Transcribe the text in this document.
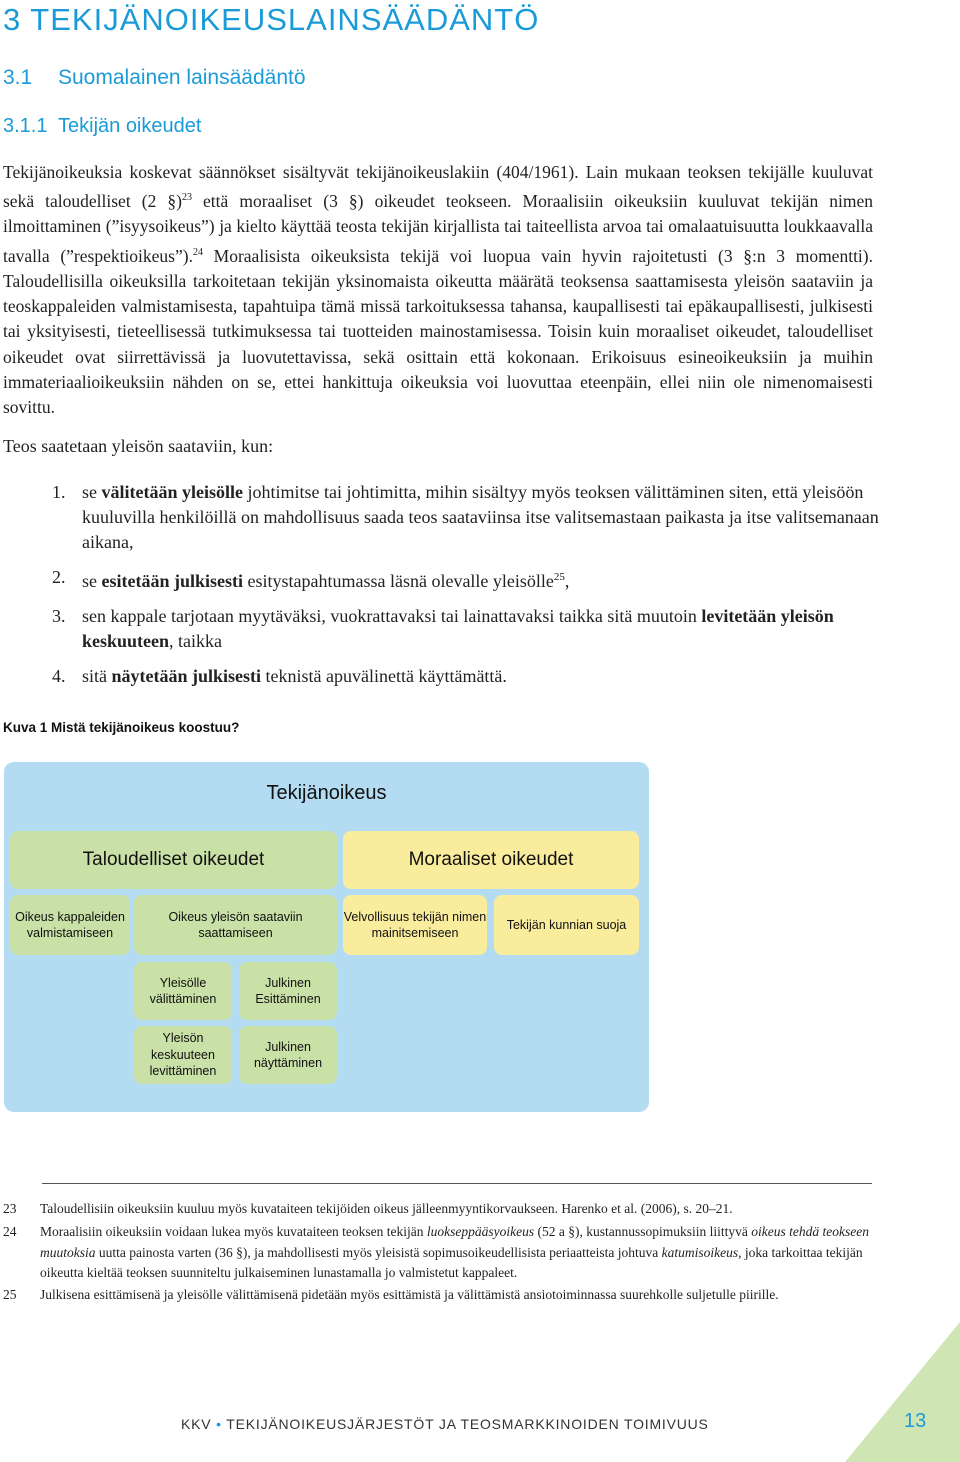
3 TEKIJÄNOIKEUSLAINSÄÄDÄNTÖ
3.1 Suomalainen lainsäädäntö
3.1.1 Tekijän oikeudet

Tekijänoikeuksia koskevat säännökset sisältyvät tekijänoikeuslakiin (404/1961). Lain mukaan teoksen tekijälle kuuluvat sekä taloudelliset (2 §)$^{23}$ että moraaliset (3 §) oikeudet teokseen. Moraalisiin oikeuksiin kuuluvat tekijän nimen ilmoittaminen (”isyysoikeus”) ja kielto käyttää teosta tekijän kirjallista tai taiteellista arvoa tai omalaatuisuutta loukkaavalla tavalla (”respektioikeus”).$^{24}$ Moraalisista oikeuksista tekijä voi luopua vain hyvin rajoitetusti (3 §:n 3 momentti). Taloudellisilla oikeuksilla tarkoitetaan tekijän yksinomaista oikeutta määrätä teoksensa saattamisesta yleisön saataviin ja teoskappaleiden valmistamisesta, tapahtuipa tämä missä tarkoituksessa tahansa, kaupallisesti tai epäkaupallisesti, julkisesti tai yksityisesti, tieteellisessä tutkimuksessa tai tuotteiden mainostamisessa. Toisin kuin moraaliset oikeudet, taloudelliset oikeudet ovat siirrettävissä ja luovutettavissa, sekä osittain että kokonaan. Erikoisuus esineoikeuksiin ja muihin immateriaalioikeuksiin nähden on se, ettei hankittuja oikeuksia voi luovuttaa eteenpäin, ellei niin ole nimenomaisesti sovittu.

Teos saatetaan yleisön saataviin, kun:
1. se välitetään yleisölle johtimitse tai johtimitta, mihin sisältyy myös teoksen välittäminen siten, että yleisöön kuuluvilla henkilöillä on mahdollisuus saada teos saataviinsa itse valitsemastaan paikasta ja itse valitsemanaan aikana,
2. se esitetään julkisesti esitystapahtumassa läsnä olevalle yleisölle$^{25}$,
3. sen kappale tarjotaan myytäväksi, vuokrattavaksi tai lainattavaksi taikka sitä muutoin levitetään yleisön keskuuteen, taikka
4. sitä näytetään julkisesti teknistä apuvälinettä käyttämättä.
Kuva 1 Mistä tekijänoikeus koostuu?
Tekijänoikeus
Taloudelliset oikeudet	Moraaliset oikeudet
Oikeus kappaleiden valmistamiseen
Oikeus yleisön saataviin saattamiseen
Velvollisuus tekijän nimen mainitsemiseen
Tekijän kunnian suoja
Yleisölle välittäminen
Julkinen Esittäminen
Yleisön keskuuteen levittäminen
Julkinen näyttäminen
23 Taloudellisiin oikeuksiin kuuluu myös kuvataiteen tekijöiden oikeus jälleenmyyntikorvaukseen. Harenko et al. (2006), s. 20–21.
24 Moraalisiin oikeuksiin voidaan lukea myös kuvataiteen teoksen tekijän luokseppääsyoikeus (52 a §), kustannussopimuksiin liittyvä oikeus tehdä teokseen muutoksia uutta painosta varten (36 §), ja mahdollisesti myös yleisistä sopimusoikeudellisista periaatteista johtuva katumisoikeus, joka tarkoittaa tekijän oikeutta kieltää teoksen suunniteltu julkaiseminen lunastamalla jo valmistetut kappaleet.
25 Julkisena esittämisenä ja yleisölle välittämisenä pidetään myös esittämistä ja välittämistä ansiotoiminnassa suurehkolle suljetulle piirille.
KKV • TEKIJÄNOIKEUSJÄRJESTÖT JA TEOSMARKKINOIDEN TOIMIVUUS	13
